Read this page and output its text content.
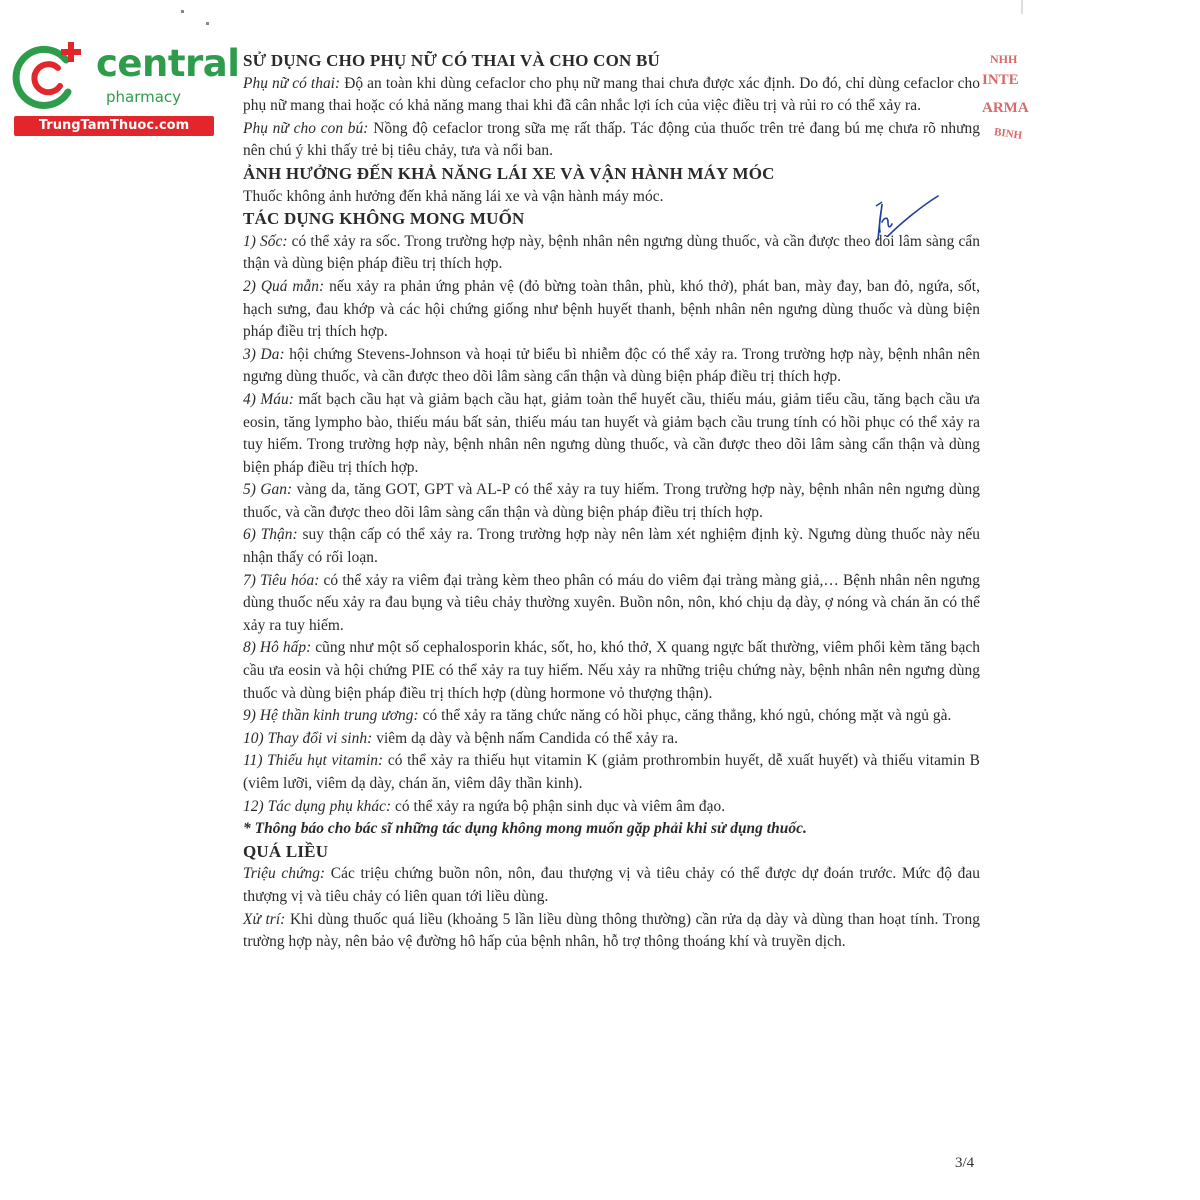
central
pharmacy
TrungTamThuoc.com
NHH
INTE
ARMA
BINH
SỬ DỤNG CHO PHỤ NỮ CÓ THAI VÀ CHO CON BÚ

Phụ nữ có thai: Độ an toàn khi dùng cefaclor cho phụ nữ mang thai chưa được xác định. Do đó, chỉ dùng cefaclor cho phụ nữ mang thai hoặc có khả năng mang thai khi đã cân nhắc lợi ích của việc điều trị và rủi ro có thể xảy ra.

Phụ nữ cho con bú: Nồng độ cefaclor trong sữa mẹ rất thấp. Tác động của thuốc trên trẻ đang bú mẹ chưa rõ nhưng nên chú ý khi thấy trẻ bị tiêu chảy, tưa và nổi ban.

ẢNH HƯỞNG ĐẾN KHẢ NĂNG LÁI XE VÀ VẬN HÀNH MÁY MÓC

Thuốc không ảnh hưởng đến khả năng lái xe và vận hành máy móc.

TÁC DỤNG KHÔNG MONG MUỐN

1) Sốc: có thể xảy ra sốc. Trong trường hợp này, bệnh nhân nên ngưng dùng thuốc, và cần được theo dõi lâm sàng cẩn thận và dùng biện pháp điều trị thích hợp.

2) Quá mẫn: nếu xảy ra phản ứng phản vệ (đỏ bừng toàn thân, phù, khó thở), phát ban, mày đay, ban đỏ, ngứa, sốt, hạch sưng, đau khớp và các hội chứng giống như bệnh huyết thanh, bệnh nhân nên ngưng dùng thuốc và dùng biện pháp điều trị thích hợp.

3) Da: hội chứng Stevens-Johnson và hoại tử biểu bì nhiễm độc có thể xảy ra. Trong trường hợp này, bệnh nhân nên ngưng dùng thuốc, và cần được theo dõi lâm sàng cẩn thận và dùng biện pháp điều trị thích hợp.

4) Máu: mất bạch cầu hạt và giảm bạch cầu hạt, giảm toàn thể huyết cầu, thiếu máu, giảm tiểu cầu, tăng bạch cầu ưa eosin, tăng lympho bào, thiếu máu bất sản, thiếu máu tan huyết và giảm bạch cầu trung tính có hồi phục có thể xảy ra tuy hiếm. Trong trường hợp này, bệnh nhân nên ngưng dùng thuốc, và cần được theo dõi lâm sàng cẩn thận và dùng biện pháp điều trị thích hợp.

5) Gan: vàng da, tăng GOT, GPT và AL-P có thể xảy ra tuy hiếm. Trong trường hợp này, bệnh nhân nên ngưng dùng thuốc, và cần được theo dõi lâm sàng cẩn thận và dùng biện pháp điều trị thích hợp.

6) Thận: suy thận cấp có thể xảy ra. Trong trường hợp này nên làm xét nghiệm định kỳ. Ngưng dùng thuốc này nếu nhận thấy có rối loạn.

7) Tiêu hóa: có thể xảy ra viêm đại tràng kèm theo phân có máu do viêm đại tràng màng giả,… Bệnh nhân nên ngưng dùng thuốc nếu xảy ra đau bụng và tiêu chảy thường xuyên. Buồn nôn, nôn, khó chịu dạ dày, ợ nóng và chán ăn có thể xảy ra tuy hiếm.

8) Hô hấp: cũng như một số cephalosporin khác, sốt, ho, khó thở, X quang ngực bất thường, viêm phổi kèm tăng bạch cầu ưa eosin và hội chứng PIE có thể xảy ra tuy hiếm. Nếu xảy ra những triệu chứng này, bệnh nhân nên ngưng dùng thuốc và dùng biện pháp điều trị thích hợp (dùng hormone vỏ thượng thận).

9) Hệ thần kinh trung ương: có thể xảy ra tăng chức năng có hồi phục, căng thẳng, khó ngủ, chóng mặt và ngủ gà.

10) Thay đổi vi sinh: viêm dạ dày và bệnh nấm Candida có thể xảy ra.

11) Thiếu hụt vitamin: có thể xảy ra thiếu hụt vitamin K (giảm prothrombin huyết, dễ xuất huyết) và thiếu vitamin B (viêm lưỡi, viêm dạ dày, chán ăn, viêm dây thần kinh).

12) Tác dụng phụ khác: có thể xảy ra ngứa bộ phận sinh dục và viêm âm đạo.

* Thông báo cho bác sĩ những tác dụng không mong muốn gặp phải khi sử dụng thuốc.

QUÁ LIỀU

Triệu chứng: Các triệu chứng buồn nôn, nôn, đau thượng vị và tiêu chảy có thể được dự đoán trước. Mức độ đau thượng vị và tiêu chảy có liên quan tới liều dùng.

Xử trí: Khi dùng thuốc quá liều (khoảng 5 lần liều dùng thông thường) cần rửa dạ dày và dùng than hoạt tính. Trong trường hợp này, nên bảo vệ đường hô hấp của bệnh nhân, hỗ trợ thông thoáng khí và truyền dịch.

3/4
